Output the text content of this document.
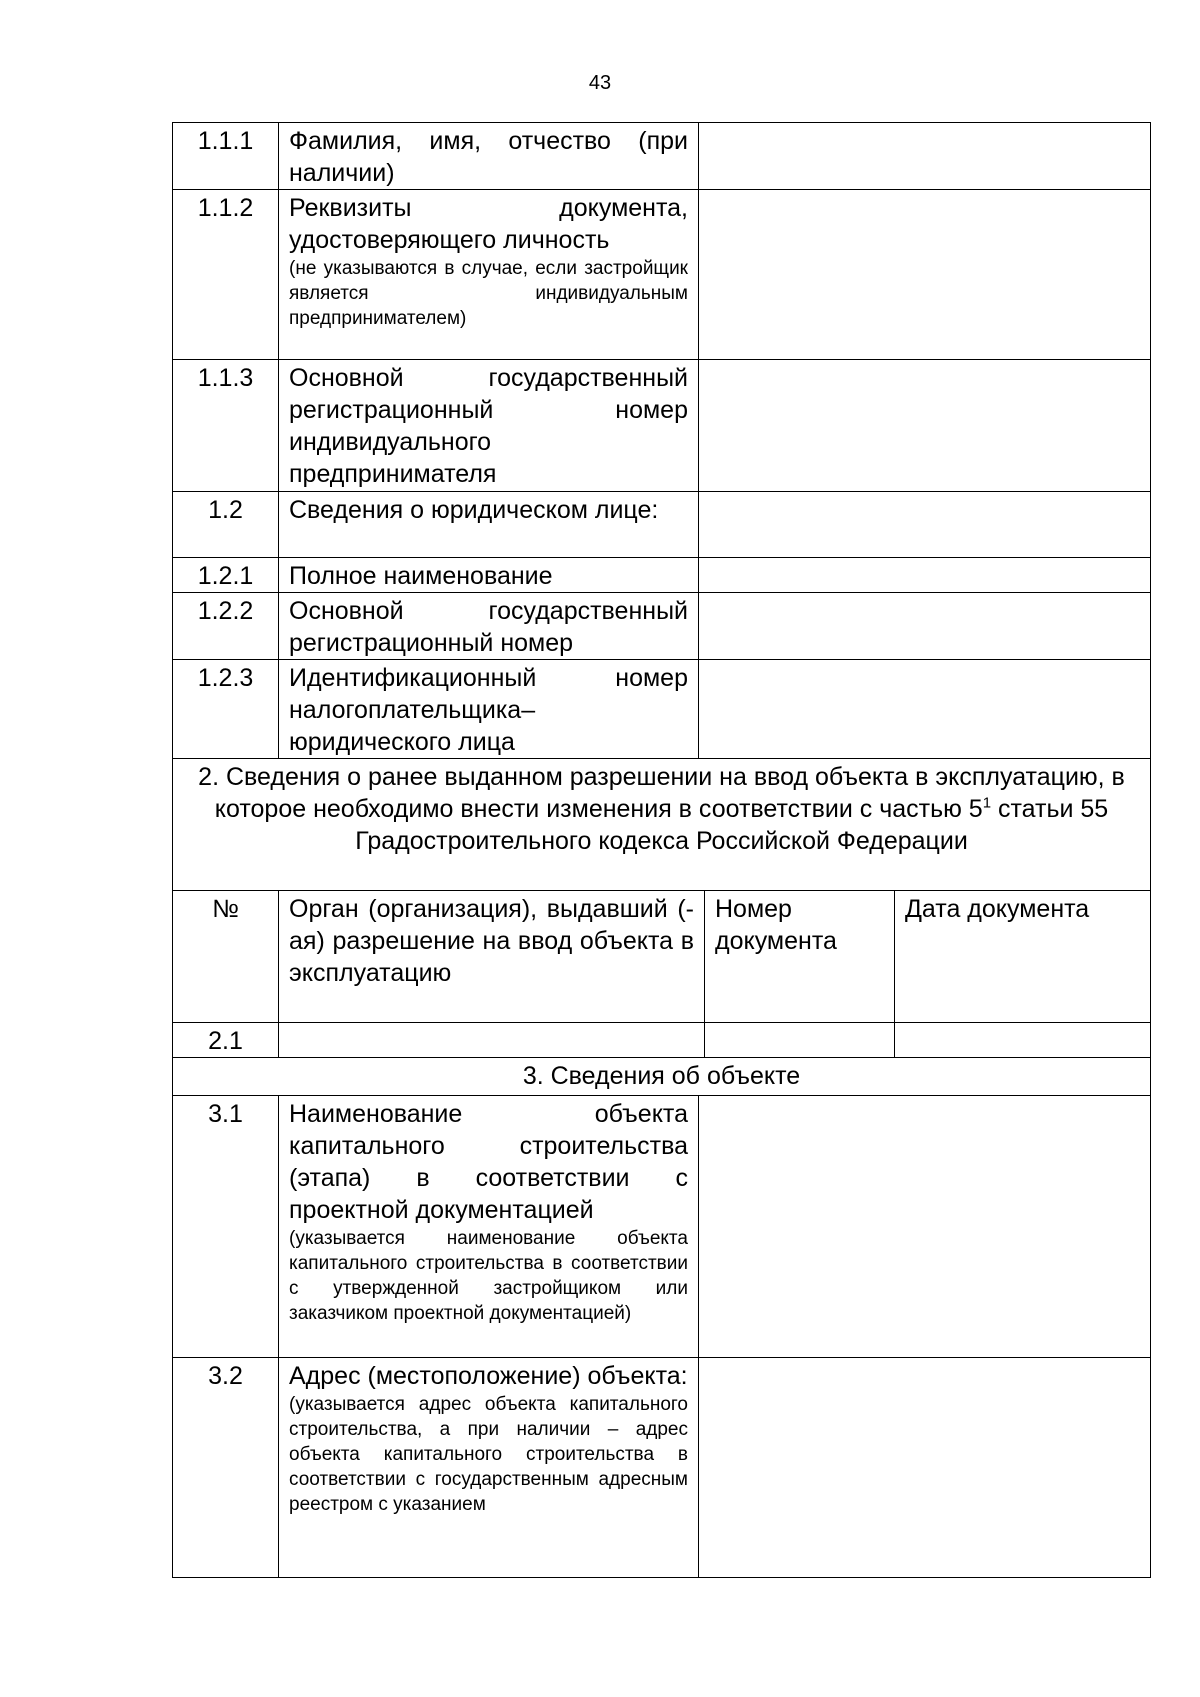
43
1.1.1	Фамилия, имя, отчество (при наличии)			

1.1.2	Реквизиты документа, удостоверяющего личность
(не указываются в случае, если застройщик является индивидуальным предпринимателем)			

1.1.3	Основной государственный регистрационный номер индивидуального предпринимателя			

1.2	Сведения о юридическом лице:			

1.2.1	Полное наименование			

1.2.2	Основной государственный регистрационный номер			

1.2.3	Идентификационный номер налогоплательщика–юридического лица			

2. Сведения о ранее выданном разрешении на ввод объекта в эксплуатацию, в которое необходимо внести изменения в соответствии с частью $5^1$ статьи 55 Градостроительного кодекса Российской Федерации				
№	Орган (организация), выдавший (-ая) разрешение на ввод объекта в эксплуатацию		Номер документа	Дата документа
2.1				
3. Сведения об объекте				
3.1	Наименование объекта капитального строительства (этапа) в соответствии с проектной документацией
(указывается наименование объекта капитального строительства в соответствии с утвержденной застройщиком или заказчиком проектной документацией)			

3.2	Адрес (местоположение) объекта:
(указывается адрес объекта капитального строительства, а при наличии – адрес объекта капитального строительства в соответствии с государственным адресным реестром с указанием			
